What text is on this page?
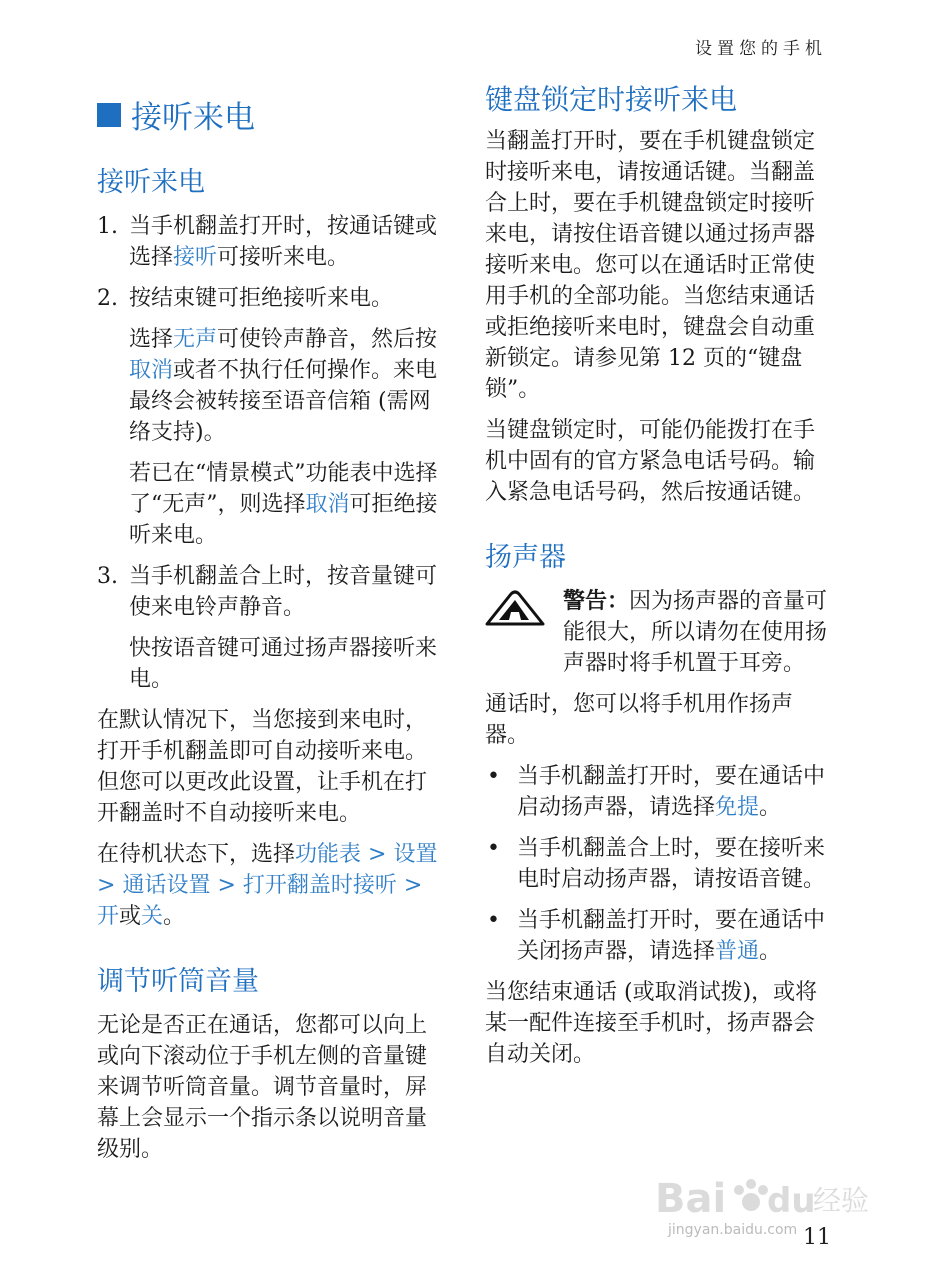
设置您的手机
接听来电
接听来电
1. 当手机翻盖打开时，按通话键或选择接听可接听来电。
2. 按结束键可拒绝接听来电。
选择无声可使铃声静音，然后按取消或者不执行任何操作。来电最终会被转接至语音信箱 (需网络支持)。
若已在“情景模式”功能表中选择了“无声”，则选择取消可拒绝接听来电。
3. 当手机翻盖合上时，按音量键可使来电铃声静音。
快按语音键可通过扬声器接听来电。
在默认情况下，当您接到来电时，打开手机翻盖即可自动接听来电。但您可以更改此设置，让手机在打开翻盖时不自动接听来电。
在待机状态下，选择功能表 > 设置 > 通话设置 > 打开翻盖时接听 > 开或关。
调节听筒音量
无论是否正在通话，您都可以向上或向下滚动位于手机左侧的音量键来调节听筒音量。调节音量时，屏幕上会显示一个指示条以说明音量级别。
键盘锁定时接听来电
当翻盖打开时，要在手机键盘锁定时接听来电，请按通话键。当翻盖合上时，要在手机键盘锁定时接听来电，请按住语音键以通过扬声器接听来电。您可以在通话时正常使用手机的全部功能。当您结束通话或拒绝接听来电时，键盘会自动重新锁定。请参见第 12 页的“键盘锁”。
当键盘锁定时，可能仍能拨打在手机中固有的官方紧急电话号码。输入紧急电话号码，然后按通话键。
扬声器
警告：因为扬声器的音量可能很大，所以请勿在使用扬声器时将手机置于耳旁。
通话时，您可以将手机用作扬声器。
• 当手机翻盖打开时，要在通话中启动扬声器，请选择免提。
• 当手机翻盖合上时，要在接听来电时启动扬声器，请按语音键。
• 当手机翻盖打开时，要在通话中关闭扬声器，请选择普通。
当您结束通话 (或取消试拨)，或将某一配件连接至手机时，扬声器会自动关闭。
Bai du
经验
jingyan.baidu.com 11
